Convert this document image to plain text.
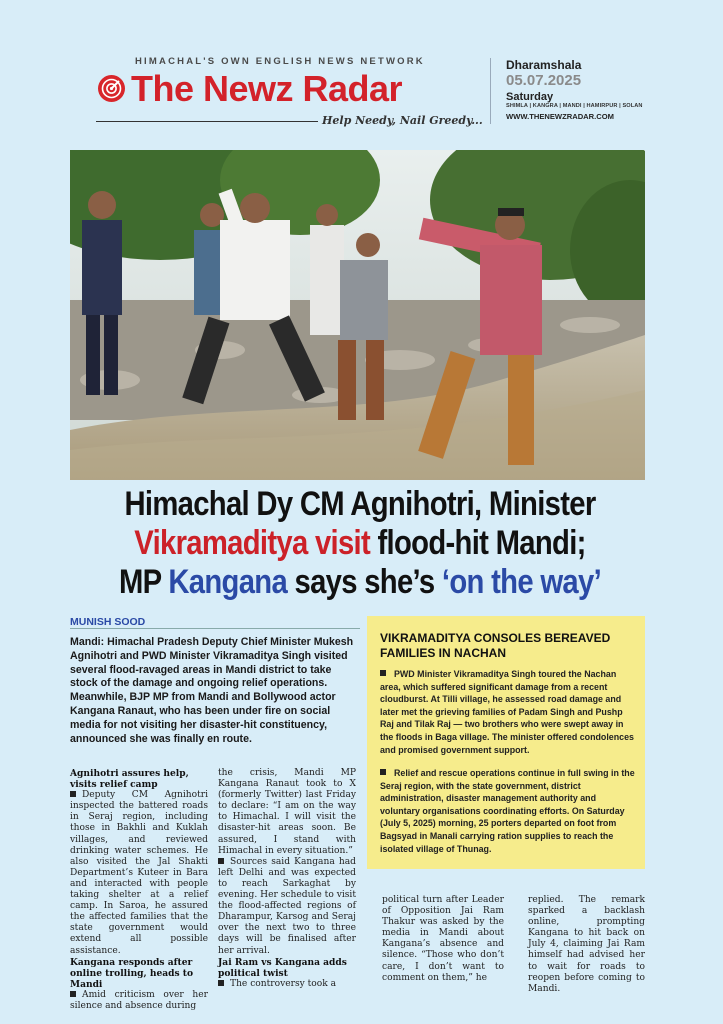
HIMACHAL'S OWN ENGLISH NEWS NETWORK
The Newz Radar
Help Needy, Nail Greedy...
Dharamshala
05.07.2025
Saturday
SHIMLA | KANGRA | MANDI | HAMIRPUR | SOLAN
WWW.THENEWZRADAR.COM
Himachal Dy CM Agnihotri, Minister
Vikramaditya visit flood-hit Mandi;
MP Kangana says she’s ‘on the way’
MUNISH SOOD
Mandi: Himachal Pradesh Deputy Chief Minister Mukesh Agnihotri and PWD Minister Vikramaditya Singh visited several flood-ravaged areas in Mandi district to take stock of the damage and ongoing relief operations. Meanwhile, BJP MP from Mandi and Bollywood actor Kangana Ranaut, who has been under fire on social media for not visiting her disaster-hit constituency, announced she was finally en route.
VIKRAMADITYA CONSOLES BEREAVED FAMILIES IN NACHAN
PWD Minister Vikramaditya Singh toured the Nachan area, which suffered significant damage from a recent cloudburst. At Tilli village, he assessed road damage and later met the grieving families of Padam Singh and Pushp Raj and Tilak Raj — two brothers who were swept away in the floods in Baga village. The minister offered condolences and promised government support.
Relief and rescue operations continue in full swing in the Seraj region, with the state government, district administration, disaster management authority and voluntary organisations coordinating efforts. On Saturday (July 5, 2025) morning, 25 porters departed on foot from Bagsyad in Manali carrying ration supplies to reach the isolated village of Thunag.

Agnihotri assures help, visits relief camp

Deputy CM Agnihotri inspected the battered roads in Seraj region, including those in Bakhli and Kuklah villages, and reviewed drinking water schemes. He also visited the Jal Shakti Department’s Kuteer in Bara and interacted with people taking shelter at a relief camp. In Saroa, he assured the affected families that the state government would extend all possible assistance.

Kangana responds after online trolling, heads to Mandi

Amid criticism over her silence and absence during

the crisis, Mandi MP Kangana Ranaut took to X (formerly Twitter) last Friday to declare: “I am on the way to Himachal. I will visit the disaster-hit areas soon. Be assured, I stand with Himachal in every situation.”

Sources said Kangana had left Delhi and was expected to reach Sarkaghat by evening. Her schedule to visit the flood-affected regions of Dharampur, Karsog and Seraj over the next two to three days will be finalised after her arrival.

Jai Ram vs Kangana adds political twist

The controversy took a

political turn after Leader of Opposition Jai Ram Thakur was asked by the media in Mandi about Kangana’s absence and silence. “Those who don’t care, I don’t want to comment on them,” he

replied. The remark sparked a backlash online, prompting Kangana to hit back on July 4, claiming Jai Ram himself had advised her to wait for roads to reopen before coming to Mandi.
